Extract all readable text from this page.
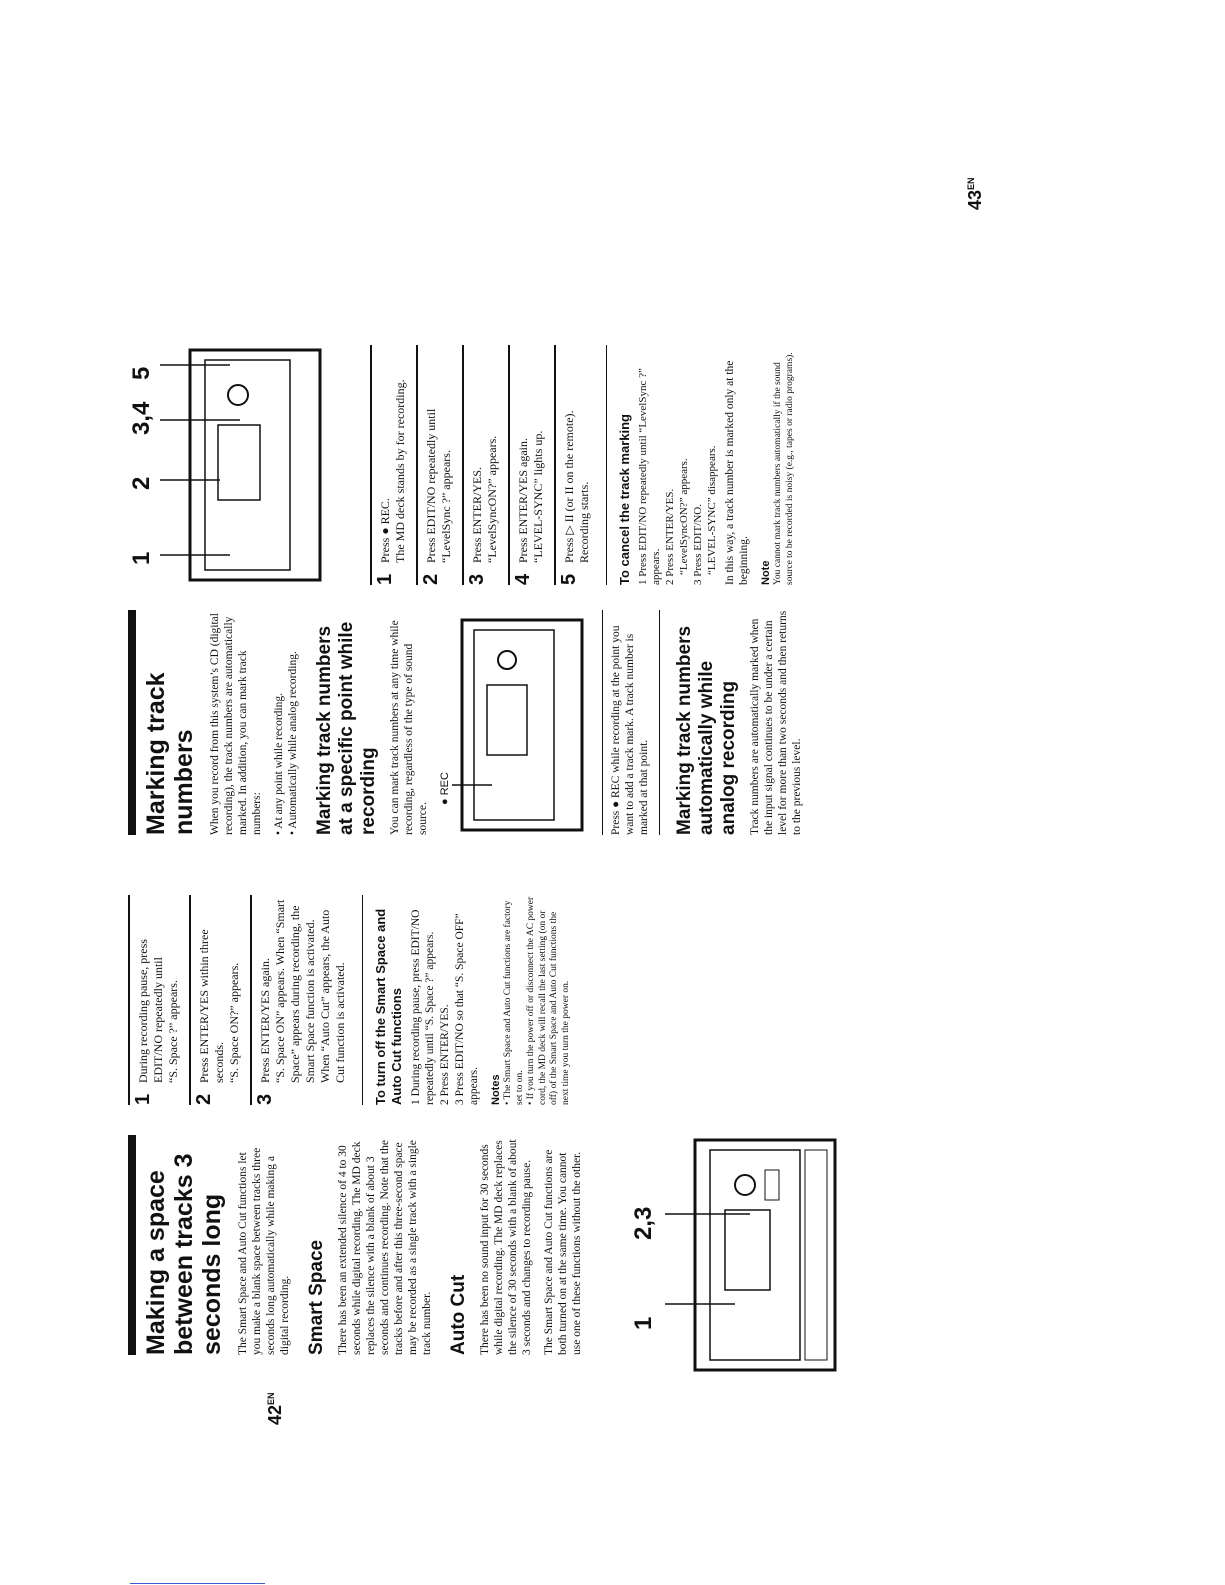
Making a space between tracks 3 seconds long The Smart Space and Auto Cut functions let you make a blank space between tracks three seconds long automatically while making a digital recording. Smart Space There has been an extended silence of 4 to 30 seconds while digital recording. The MD deck replaces the silence with a blank of about 3 seconds and continues recording. Note that the tracks before and after this three-second space may be recorded as a single track with a single track number. Auto Cut There has been no sound input for 30 seconds while digital recording. The MD deck replaces the silence of 30 seconds with a blank of about 3 seconds and changes to recording pause. The Smart Space and Auto Cut functions are both turned on at the same time. You cannot use one of these functions without the other. 1
2,3
1
During recording pause, press EDIT/NO repeatedly until “S. Space ?” appears.
2
Press ENTER/YES within three seconds. “S. Space ON?” appears.
3
Press ENTER/YES again. “S. Space ON” appears. When “Smart Space” appears during recording, the Smart Space function is activated. When “Auto Cut” appears, the Auto Cut function is activated. To turn off the Smart Space and Auto Cut functions 1 During recording pause, press EDIT/NO repeatedly until “S. Space ?” appears. 2 Press ENTER/YES. 3 Press EDIT/NO so that “S. Space OFF” appears. Notes • The Smart Space and Auto Cut functions are factory set to on. • If you turn the power off or disconnect the AC power cord, the MD deck will recall the last setting (on or off) of the Smart Space and Auto Cut functions the next time you turn the power on.
Marking track numbers When you record from this system’s CD (digital recording), the track numbers are automatically marked. In addition, you can mark track numbers: • At any point while recording. • Automatically while analog recording. Marking track numbers at a specific point while recording You can mark track numbers at any time while recording, regardless of the type of sound source.

● REC	Press ● REC while recording at the point you want to add a track mark. A track number is marked at that point. Marking track numbers automatically while analog recording Track numbers are automatically marked when the input signal continues to be under a certain level for more than two seconds and then returns to the previous level.

1
2
3,4
5
1
Press ● REC. The MD deck stands by for recording.
2
Press EDIT/NO repeatedly until “LevelSync ?” appears.
3
Press ENTER/YES. “LevelSyncON?” appears.
4
Press ENTER/YES again. “LEVEL-SYNC” lights up.
5
Press ▷ II (or II on the remote). Recording starts. To cancel the track marking 1 Press EDIT/NO repeatedly until “LevelSync ?” appears. 2 Press ENTER/YES. “LevelSyncON?” appears. 3 Press EDIT/NO. “LEVEL-SYNC” disappears. In this way, a track number is marked only at the beginning. Note You cannot mark track numbers automatically if the sound source to be recorded is noisy (e.g., tapes or radio programs).
$42^{EN}$
$43^{EN}$
